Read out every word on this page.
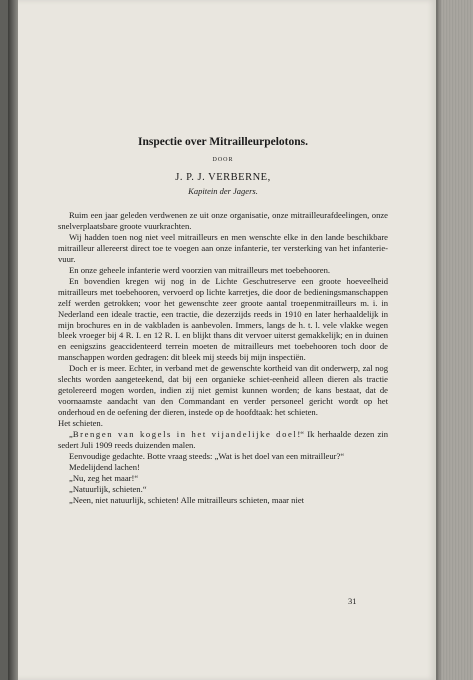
Inspectie over Mitrailleurpelotons.
DOOR
J. P. J. VERBERNE,
Kapitein der Jagers.

Ruim een jaar geleden verdwenen ze uit onze organisatie, onze mitrailleurafdeelingen, onze snelverplaatsbare groote vuurkrachten.

Wij hadden toen nog niet veel mitrailleurs en men wenschte elke in den lande beschikbare mitrailleur allereerst direct toe te voegen aan onze infanterie, ter versterking van het infanterie-vuur.

En onze geheele infanterie werd voorzien van mitrailleurs met toebehooren.

En bovendien kregen wij nog in de Lichte Geschutreserve een groote hoeveelheid mitrailleurs met toebehooren, vervoerd op lichte karretjes, die door de bedieningsmanschappen zelf werden getrokken; voor het gewenschte zeer groote aantal troepenmitrailleurs m. i. in Nederland een ideale tractie, een tractie, die dezerzijds reeds in 1910 en later herhaaldelijk in mijn brochures en in de vakbladen is aanbevolen. Immers, langs de h. t. l. vele vlakke wegen bleek vroeger bij 4 R. I. en 12 R. I. en blijkt thans dit vervoer uiterst gemakkelijk; en in duinen en eenigszins geaccidenteerd terrein moeten de mitrailleurs met toebehooren toch door de manschappen worden gedragen: dit bleek mij steeds bij mijn inspectiën.

Doch er is meer. Echter, in verband met de gewenschte kortheid van dit onderwerp, zal nog slechts worden aangeteekend, dat bij een organieke schiet-eenheid alleen dieren als tractie getolereerd mogen worden, indien zij niet gemist kunnen worden; de kans bestaat, dat de voornaamste aandacht van den Commandant en verder personeel gericht wordt op het onderhoud en de oefening der dieren, instede op de hoofdtaak: het schieten.

Het schieten.

„Brengen van kogels in het vijandelijke doel!“ Ik herhaalde dezen zin sedert Juli 1909 reeds duizenden malen.

Eenvoudige gedachte. Botte vraag steeds: „Wat is het doel van een mitrailleur?“

Medelijdend lachen!

„Nu, zeg het maar!“

„Natuurlijk, schieten.“

„Neen, niet natuurlijk, schieten! Alle mitrailleurs schieten, maar niet

31
